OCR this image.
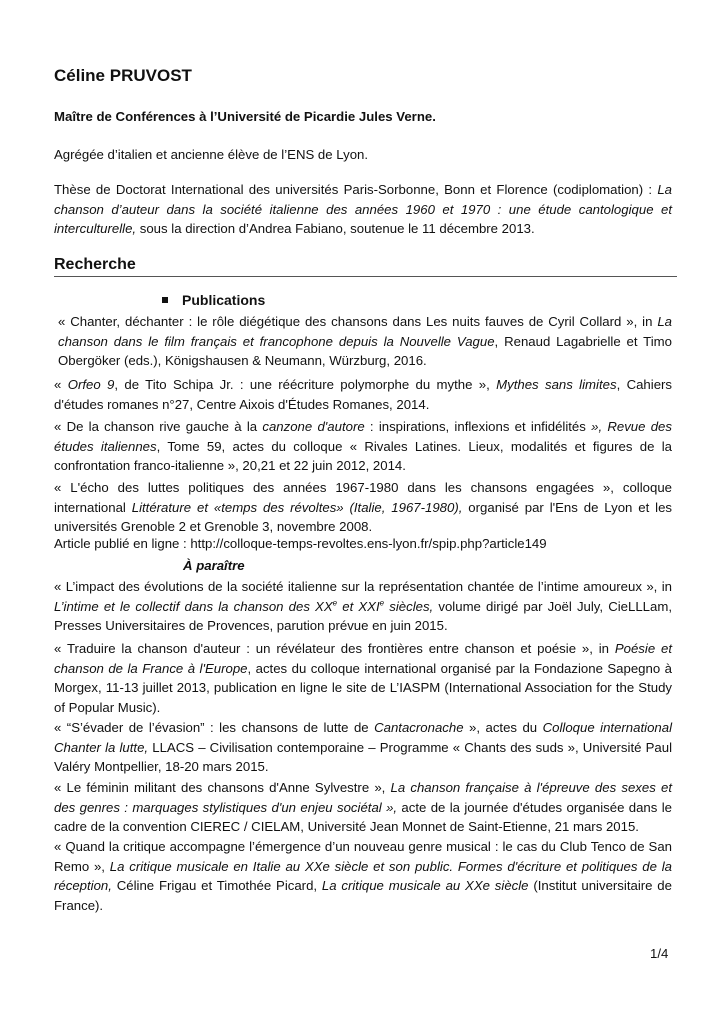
Céline PRUVOST

Maître de Conférences à l’Université de Picardie Jules Verne.

Agrégée d’italien et ancienne élève de l’ENS de Lyon.

Thèse de Doctorat International des universités Paris-Sorbonne, Bonn et Florence (codiplomation) : La chanson d’auteur dans la société italienne des années 1960 et 1970 : une étude cantologique et interculturelle, sous la direction d’Andrea Fabiano, soutenue le 11 décembre 2013.

Recherche
Publications

« Chanter, déchanter : le rôle diégétique des chansons dans Les nuits fauves de Cyril Collard », in La chanson dans le film français et francophone depuis la Nouvelle Vague, Renaud Lagabrielle et Timo Obergöker (eds.), Königshausen & Neumann, Würzburg, 2016.

« Orfeo 9, de Tito Schipa Jr. : une réécriture polymorphe du mythe », Mythes sans limites, Cahiers d'études romanes n°27, Centre Aixois d'Études Romanes, 2014.

« De la chanson rive gauche à la canzone d'autore : inspirations, inflexions et infidélités », Revue des études italiennes, Tome 59, actes du colloque « Rivales Latines. Lieux, modalités et figures de la confrontation franco-italienne », 20,21 et 22 juin 2012, 2014.

« L'écho des luttes politiques des années 1967-1980 dans les chansons engagées », colloque international Littérature et «temps des révoltes» (Italie, 1967-1980), organisé par l'Ens de Lyon et les universités Grenoble 2 et Grenoble 3, novembre 2008.

Article publié en ligne : http://colloque-temps-revoltes.ens-lyon.fr/spip.php?article149

À paraître

« L’impact des évolutions de la société italienne sur la représentation chantée de l’intime amoureux », in L’intime et le collectif dans la chanson des XXe et XXIe siècles, volume dirigé par Joël July, CieLLLam, Presses Universitaires de Provences, parution prévue en juin 2015.

« Traduire la chanson d'auteur : un révélateur des frontières entre chanson et poésie », in Poésie et chanson de la France à l'Europe, actes du colloque international organisé par la Fondazione Sapegno à Morgex, 11-13 juillet 2013, publication en ligne le site de L’IASPM (International Association for the Study of Popular Music).

« “S’évader de l’évasion” : les chansons de lutte de Cantacronache », actes du Colloque international Chanter la lutte, LLACS – Civilisation contemporaine – Programme « Chants des suds », Université Paul Valéry Montpellier, 18-20 mars 2015.

« Le féminin militant des chansons d'Anne Sylvestre », La chanson française à l'épreuve des sexes et des genres : marquages stylistiques d'un enjeu sociétal », acte de la journée d'études organisée dans le cadre de la convention CIEREC / CIELAM, Université Jean Monnet de Saint-Etienne, 21 mars 2015.

« Quand la critique accompagne l’émergence d’un nouveau genre musical : le cas du Club Tenco de San Remo », La critique musicale en Italie au XXe siècle et son public. Formes d'écriture et politiques de la réception, Céline Frigau et Timothée Picard, La critique musicale au XXe siècle (Institut universitaire de France).

1/4
